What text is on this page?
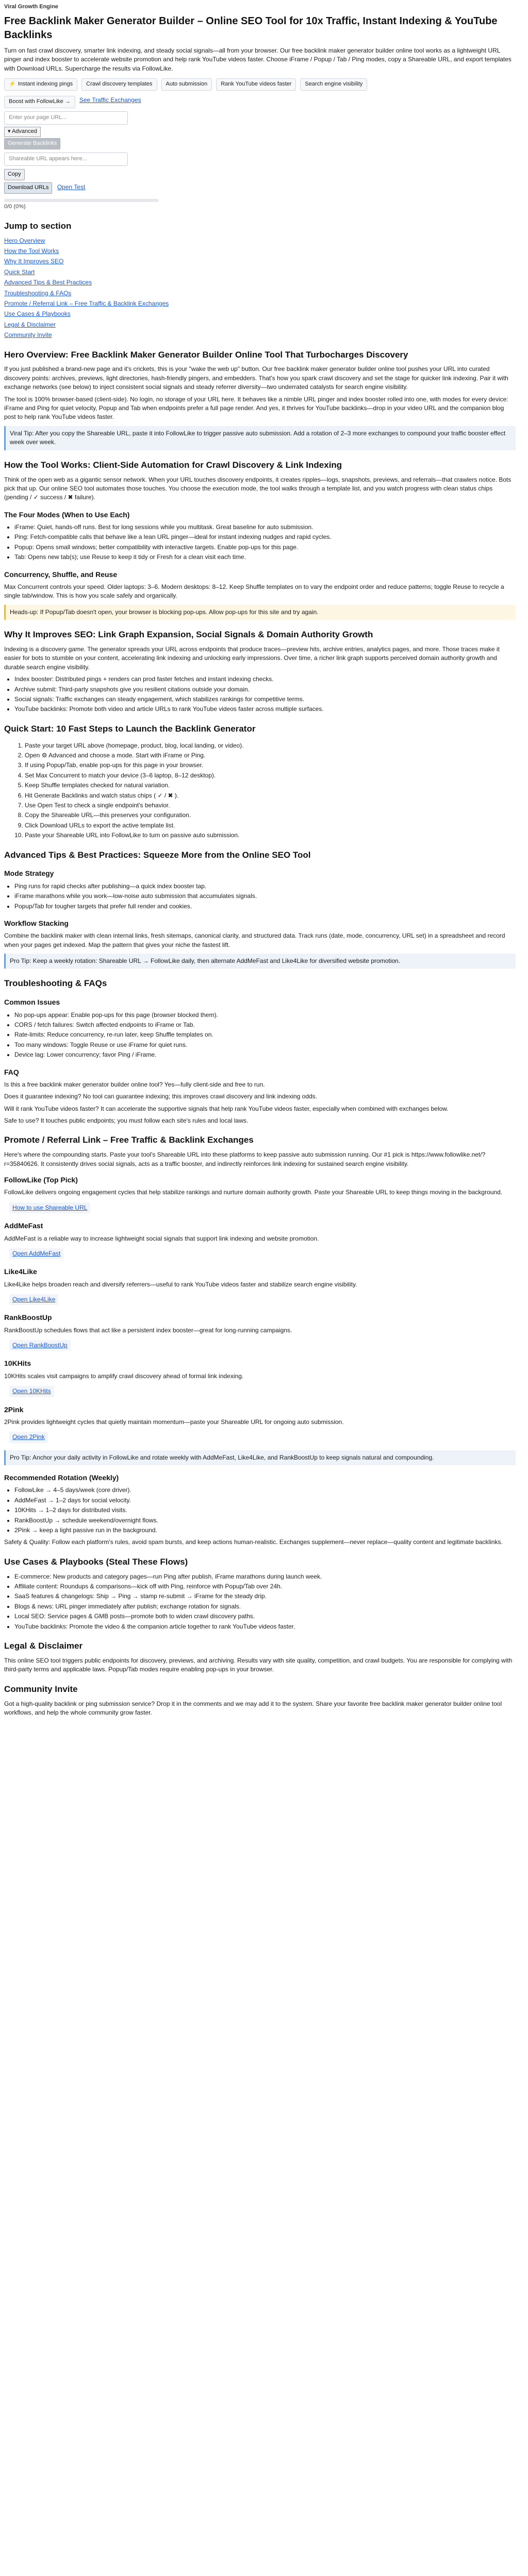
Viral Growth Engine
Free Backlink Maker Generator Builder – Online SEO Tool for 10x Traffic, Instant Indexing & YouTube Backlinks

Turn on fast crawl discovery, smarter link indexing, and steady social signals—all from your browser. Our free backlink maker generator builder online tool works as a lightweight URL pinger and index booster to accelerate website promotion and help rank YouTube videos faster. Choose iFrame / Popup / Tab / Ping modes, copy a Shareable URL, and export templates with Download URLs. Supercharge the results via FollowLike.

⚡ Instant indexing pings	Crawl discovery templates	Auto submission	Rank YouTube videos faster	Search engine visibility
Boost with FollowLike →	See Traffic Exchanges
Enter your page URL...
▾ Advanced
Generate Backlinks
Shareable URL appears here...
Copy
Download URLs Open Test
0/0 (0%)
Jump to section
Hero Overview
How the Tool Works
Why It Improves SEO
Quick Start
Advanced Tips & Best Practices
Troubleshooting & FAQs
Promote / Referral Link – Free Traffic & Backlink Exchanges
Use Cases & Playbooks
Legal & Disclaimer
Community Invite
Hero Overview: Free Backlink Maker Generator Builder Online Tool That Turbocharges Discovery

If you just published a brand-new page and it's crickets, this is your "wake the web up" button. Our free backlink maker generator builder online tool pushes your URL into curated discovery points: archives, previews, light directories, hash-friendly pingers, and embedders. That's how you spark crawl discovery and set the stage for quicker link indexing. Pair it with exchange networks (see below) to inject consistent social signals and steady referrer diversity—two underrated catalysts for search engine visibility.

The tool is 100% browser-based (client-side). No login, no storage of your URL here. It behaves like a nimble URL pinger and index booster rolled into one, with modes for every device: iFrame and Ping for quiet velocity, Popup and Tab when endpoints prefer a full page render. And yes, it thrives for YouTube backlinks—drop in your video URL and the companion blog post to help rank YouTube videos faster.

Viral Tip: After you copy the Shareable URL, paste it into FollowLike to trigger passive auto submission. Add a rotation of 2–3 more exchanges to compound your traffic booster effect week over week.
How the Tool Works: Client-Side Automation for Crawl Discovery & Link Indexing

Think of the open web as a gigantic sensor network. When your URL touches discovery endpoints, it creates ripples—logs, snapshots, previews, and referrals—that crawlers notice. Bots pick that up. Our online SEO tool automates those touches. You choose the execution mode, the tool walks through a template list, and you watch progress with clean status chips (pending / ✓ success / ✖ failure).

The Four Modes (When to Use Each)
• iFrame: Quiet, hands-off runs. Best for long sessions while you multitask. Great baseline for auto submission.
• Ping: Fetch-compatible calls that behave like a lean URL pinger—ideal for instant indexing nudges and rapid cycles.
• Popup: Opens small windows; better compatibility with interactive targets. Enable pop-ups for this page.
• Tab: Opens new tab(s); use Reuse to keep it tidy or Fresh for a clean visit each time.
Concurrency, Shuffle, and Reuse

Max Concurrent controls your speed. Older laptops: 3–6. Modern desktops: 8–12. Keep Shuffle templates on to vary the endpoint order and reduce patterns; toggle Reuse to recycle a single tab/window. This is how you scale safely and organically.

Heads-up: If Popup/Tab doesn't open, your browser is blocking pop-ups. Allow pop-ups for this site and try again.
Why It Improves SEO: Link Graph Expansion, Social Signals & Domain Authority Growth

Indexing is a discovery game. The generator spreads your URL across endpoints that produce traces—preview hits, archive entries, analytics pages, and more. Those traces make it easier for bots to stumble on your content, accelerating link indexing and unlocking early impressions. Over time, a richer link graph supports perceived domain authority growth and durable search engine visibility.

• Index booster: Distributed pings + renders can prod faster fetches and instant indexing checks.
• Archive submit: Third-party snapshots give you resilient citations outside your domain.
• Social signals: Traffic exchanges can steady engagement, which stabilizes rankings for competitive terms.
• YouTube backlinks: Promote both video and article URLs to rank YouTube videos faster across multiple surfaces.
Quick Start: 10 Fast Steps to Launch the Backlink Generator
1. Paste your target URL above (homepage, product, blog, local landing, or video).
2. Open ⚙ Advanced and choose a mode. Start with iFrame or Ping.
3. If using Popup/Tab, enable pop-ups for this page in your browser.
4. Set Max Concurrent to match your device (3–6 laptop, 8–12 desktop).
5. Keep Shuffle templates checked for natural variation.
6. Hit Generate Backlinks and watch status chips ( ✓ / ✖ ).
7. Use Open Test to check a single endpoint's behavior.
8. Copy the Shareable URL—this preserves your configuration.
9. Click Download URLs to export the active template list.
10. Paste your Shareable URL into FollowLike to turn on passive auto submission.
Advanced Tips & Best Practices: Squeeze More from the Online SEO Tool
Mode Strategy
• Ping runs for rapid checks after publishing—a quick index booster tap.
• iFrame marathons while you work—low-noise auto submission that accumulates signals.
• Popup/Tab for tougher targets that prefer full render and cookies.
Workflow Stacking

Combine the backlink maker with clean internal links, fresh sitemaps, canonical clarity, and structured data. Track runs (date, mode, concurrency, URL set) in a spreadsheet and record when your pages get indexed. Map the pattern that gives your niche the fastest lift.

Pro Tip: Keep a weekly rotation: Shareable URL → FollowLike daily, then alternate AddMeFast and Like4Like for diversified website promotion.
Troubleshooting & FAQs
Common Issues
• No pop-ups appear: Enable pop-ups for this page (browser blocked them).
• CORS / fetch failures: Switch affected endpoints to iFrame or Tab.
• Rate-limits: Reduce concurrency, re-run later, keep Shuffle templates on.
• Too many windows: Toggle Reuse or use iFrame for quiet runs.
• Device lag: Lower concurrency; favor Ping / iFrame.
FAQ

Is this a free backlink maker generator builder online tool? Yes—fully client-side and free to run.

Does it guarantee indexing? No tool can guarantee indexing; this improves crawl discovery and link indexing odds.

Will it rank YouTube videos faster? It can accelerate the supportive signals that help rank YouTube videos faster, especially when combined with exchanges below.

Safe to use? It touches public endpoints; you must follow each site's rules and local laws.

Promote / Referral Link – Free Traffic & Backlink Exchanges

Here's where the compounding starts. Paste your tool's Shareable URL into these platforms to keep passive auto submission running. Our #1 pick is https://www.followlike.net/?r=35840626. It consistently drives social signals, acts as a traffic booster, and indirectly reinforces link indexing for sustained search engine visibility.

FollowLike (Top Pick)

FollowLike delivers ongoing engagement cycles that help stabilize rankings and nurture domain authority growth. Paste your Shareable URL to keep things moving in the background.

How to use Shareable URL
AddMeFast

AddMeFast is a reliable way to increase lightweight social signals that support link indexing and website promotion.

Open AddMeFast
Like4Like

Like4Like helps broaden reach and diversify referrers—useful to rank YouTube videos faster and stabilize search engine visibility.

Open Like4Like
RankBoostUp

RankBoostUp schedules flows that act like a persistent index booster—great for long-running campaigns.

Open RankBoostUp
10KHits

10KHits scales visit campaigns to amplify crawl discovery ahead of formal link indexing.

Open 10KHits
2Pink

2Pink provides lightweight cycles that quietly maintain momentum—paste your Shareable URL for ongoing auto submission.

Open 2Pink
Pro Tip: Anchor your daily activity in FollowLike and rotate weekly with AddMeFast, Like4Like, and RankBoostUp to keep signals natural and compounding.
Recommended Rotation (Weekly)
• FollowLike → 4–5 days/week (core driver).
• AddMeFast → 1–2 days for social velocity.
• 10KHits → 1–2 days for distributed visits.
• RankBoostUp → schedule weekend/overnight flows.
• 2Pink → keep a light passive run in the background.

Safety & Quality: Follow each platform's rules, avoid spam bursts, and keep actions human-realistic. Exchanges supplement—never replace—quality content and legitimate backlinks.

Use Cases & Playbooks (Steal These Flows)
• E-commerce: New products and category pages—run Ping after publish, iFrame marathons during launch week.
• Affiliate content: Roundups & comparisons—kick off with Ping, reinforce with Popup/Tab over 24h.
• SaaS features & changelogs: Ship → Ping → stamp re-submit → iFrame for the steady drip.
• Blogs & news: URL pinger immediately after publish; exchange rotation for signals.
• Local SEO: Service pages & GMB posts—promote both to widen crawl discovery paths.
• YouTube backlinks: Promote the video & the companion article together to rank YouTube videos faster.
Legal & Disclaimer

This online SEO tool triggers public endpoints for discovery, previews, and archiving. Results vary with site quality, competition, and crawl budgets. You are responsible for complying with third-party terms and applicable laws. Popup/Tab modes require enabling pop-ups in your browser.

Community Invite

Got a high-quality backlink or ping submission service? Drop it in the comments and we may add it to the system. Share your favorite free backlink maker generator builder online tool workflows, and help the whole community grow faster.
